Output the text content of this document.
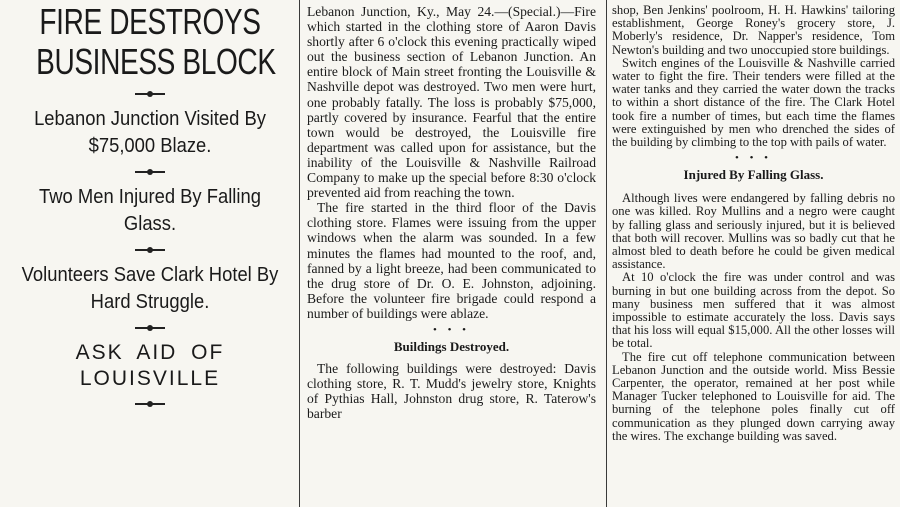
FIRE DESTROYS
BUSINESS BLOCK
Lebanon Junction Visited By $75,000 Blaze.
Two Men Injured By Falling Glass.
Volunteers Save Clark Hotel By Hard Struggle.
ASK AID OF LOUISVILLE

Lebanon Junction, Ky., May 24.—(Special.)—Fire which started in the clothing store of Aaron Davis shortly after 6 o'clock this evening practically wiped out the business section of Lebanon Junction. An entire block of Main street fronting the Louisville & Nashville depot was destroyed. Two men were hurt, one probably fatally. The loss is probably $75,000, partly covered by insurance. Fearful that the entire town would be destroyed, the Louisville fire department was called upon for assistance, but the inability of the Louisville & Nashville Railroad Company to make up the special before 8:30 o'clock prevented aid from reaching the town.

The fire started in the third floor of the Davis clothing store. Flames were issuing from the upper windows when the alarm was sounded. In a few minutes the flames had mounted to the roof, and, fanned by a light breeze, had been communicated to the drug store of Dr. O. E. Johnston, adjoining. Before the volunteer fire brigade could respond a number of buildings were ablaze.

• • •
Buildings Destroyed.

The following buildings were destroyed: Davis clothing store, R. T. Mudd's jewelry store, Knights of Pythias Hall, Johnston drug store, R. Taterow's barber

shop, Ben Jenkins' poolroom, H. H. Hawkins' tailoring establishment, George Roney's grocery store, J. Moberly's residence, Dr. Napper's residence, Tom Newton's building and two unoccupied store buildings.

Switch engines of the Louisville & Nashville carried water to fight the fire. Their tenders were filled at the water tanks and they carried the water down the tracks to within a short distance of the fire. The Clark Hotel took fire a number of times, but each time the flames were extinguished by men who drenched the sides of the building by climbing to the top with pails of water.

• • •
Injured By Falling Glass.

Although lives were endangered by falling debris no one was killed. Roy Mullins and a negro were caught by falling glass and seriously injured, but it is believed that both will recover. Mullins was so badly cut that he almost bled to death before he could be given medical assistance.

At 10 o'clock the fire was under control and was burning in but one building across from the depot. So many business men suffered that it was almost impossible to estimate accurately the loss. Davis says that his loss will equal $15,000. All the other losses will be total.

The fire cut off telephone communication between Lebanon Junction and the outside world. Miss Bessie Carpenter, the operator, remained at her post while Manager Tucker telephoned to Louisville for aid. The burning of the telephone poles finally cut off communication as they plunged down carrying away the wires. The exchange building was saved.
